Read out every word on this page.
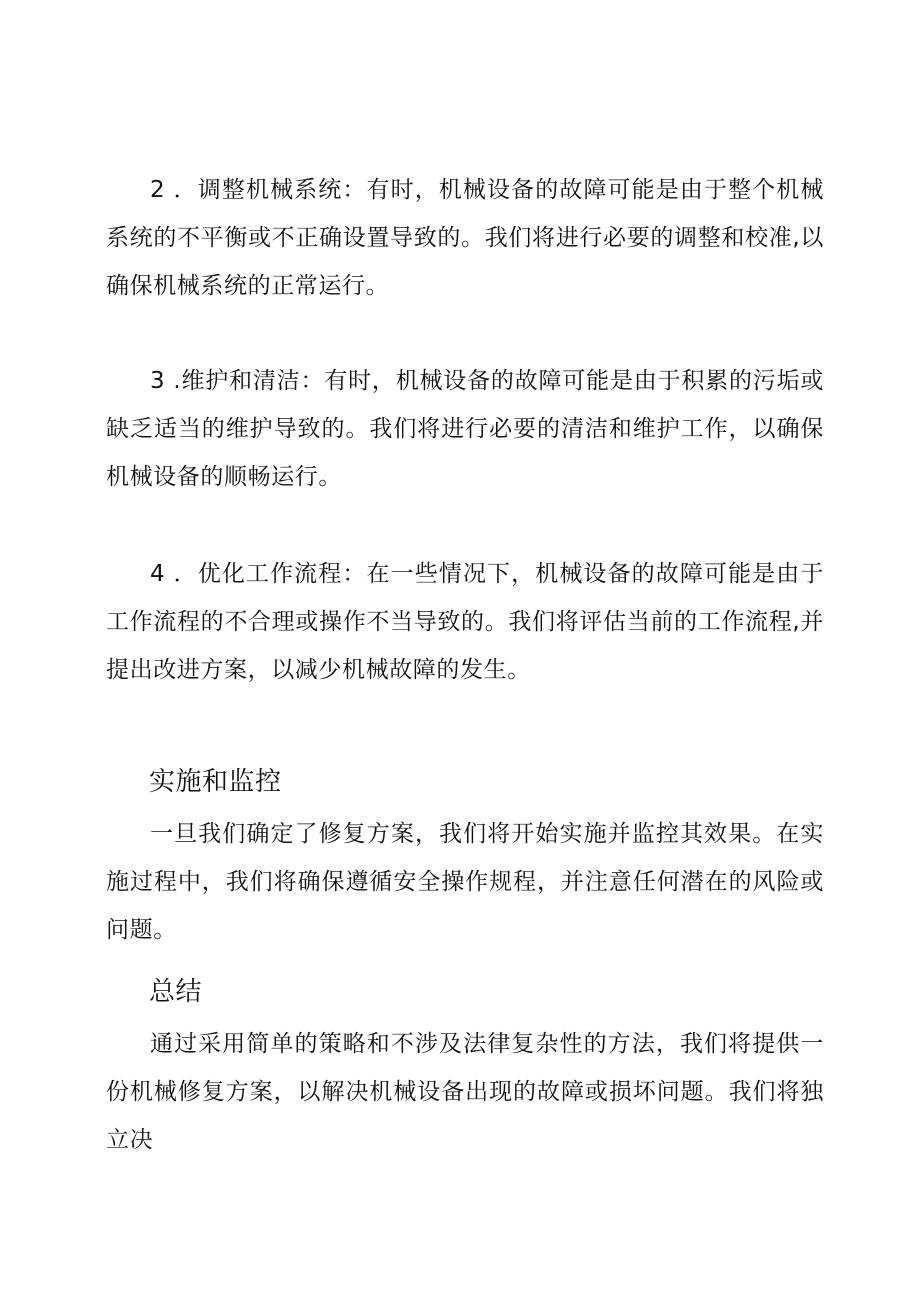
2 ．调整机械系统：有时，机械设备的故障可能是由于整个机械系统的不平衡或不正确设置导致的。我们将进行必要的调整和校准,以确保机械系统的正常运行。

3 .维护和清洁：有时，机械设备的故障可能是由于积累的污垢或缺乏适当的维护导致的。我们将进行必要的清洁和维护工作，以确保机械设备的顺畅运行。

4 ．优化工作流程：在一些情况下，机械设备的故障可能是由于工作流程的不合理或操作不当导致的。我们将评估当前的工作流程,并提出改进方案，以减少机械故障的发生。

实施和监控

一旦我们确定了修复方案，我们将开始实施并监控其效果。在实施过程中，我们将确保遵循安全操作规程，并注意任何潜在的风险或问题。

总结

通过采用简单的策略和不涉及法律复杂性的方法，我们将提供一份机械修复方案，以解决机械设备出现的故障或损坏问题。我们将独立决
